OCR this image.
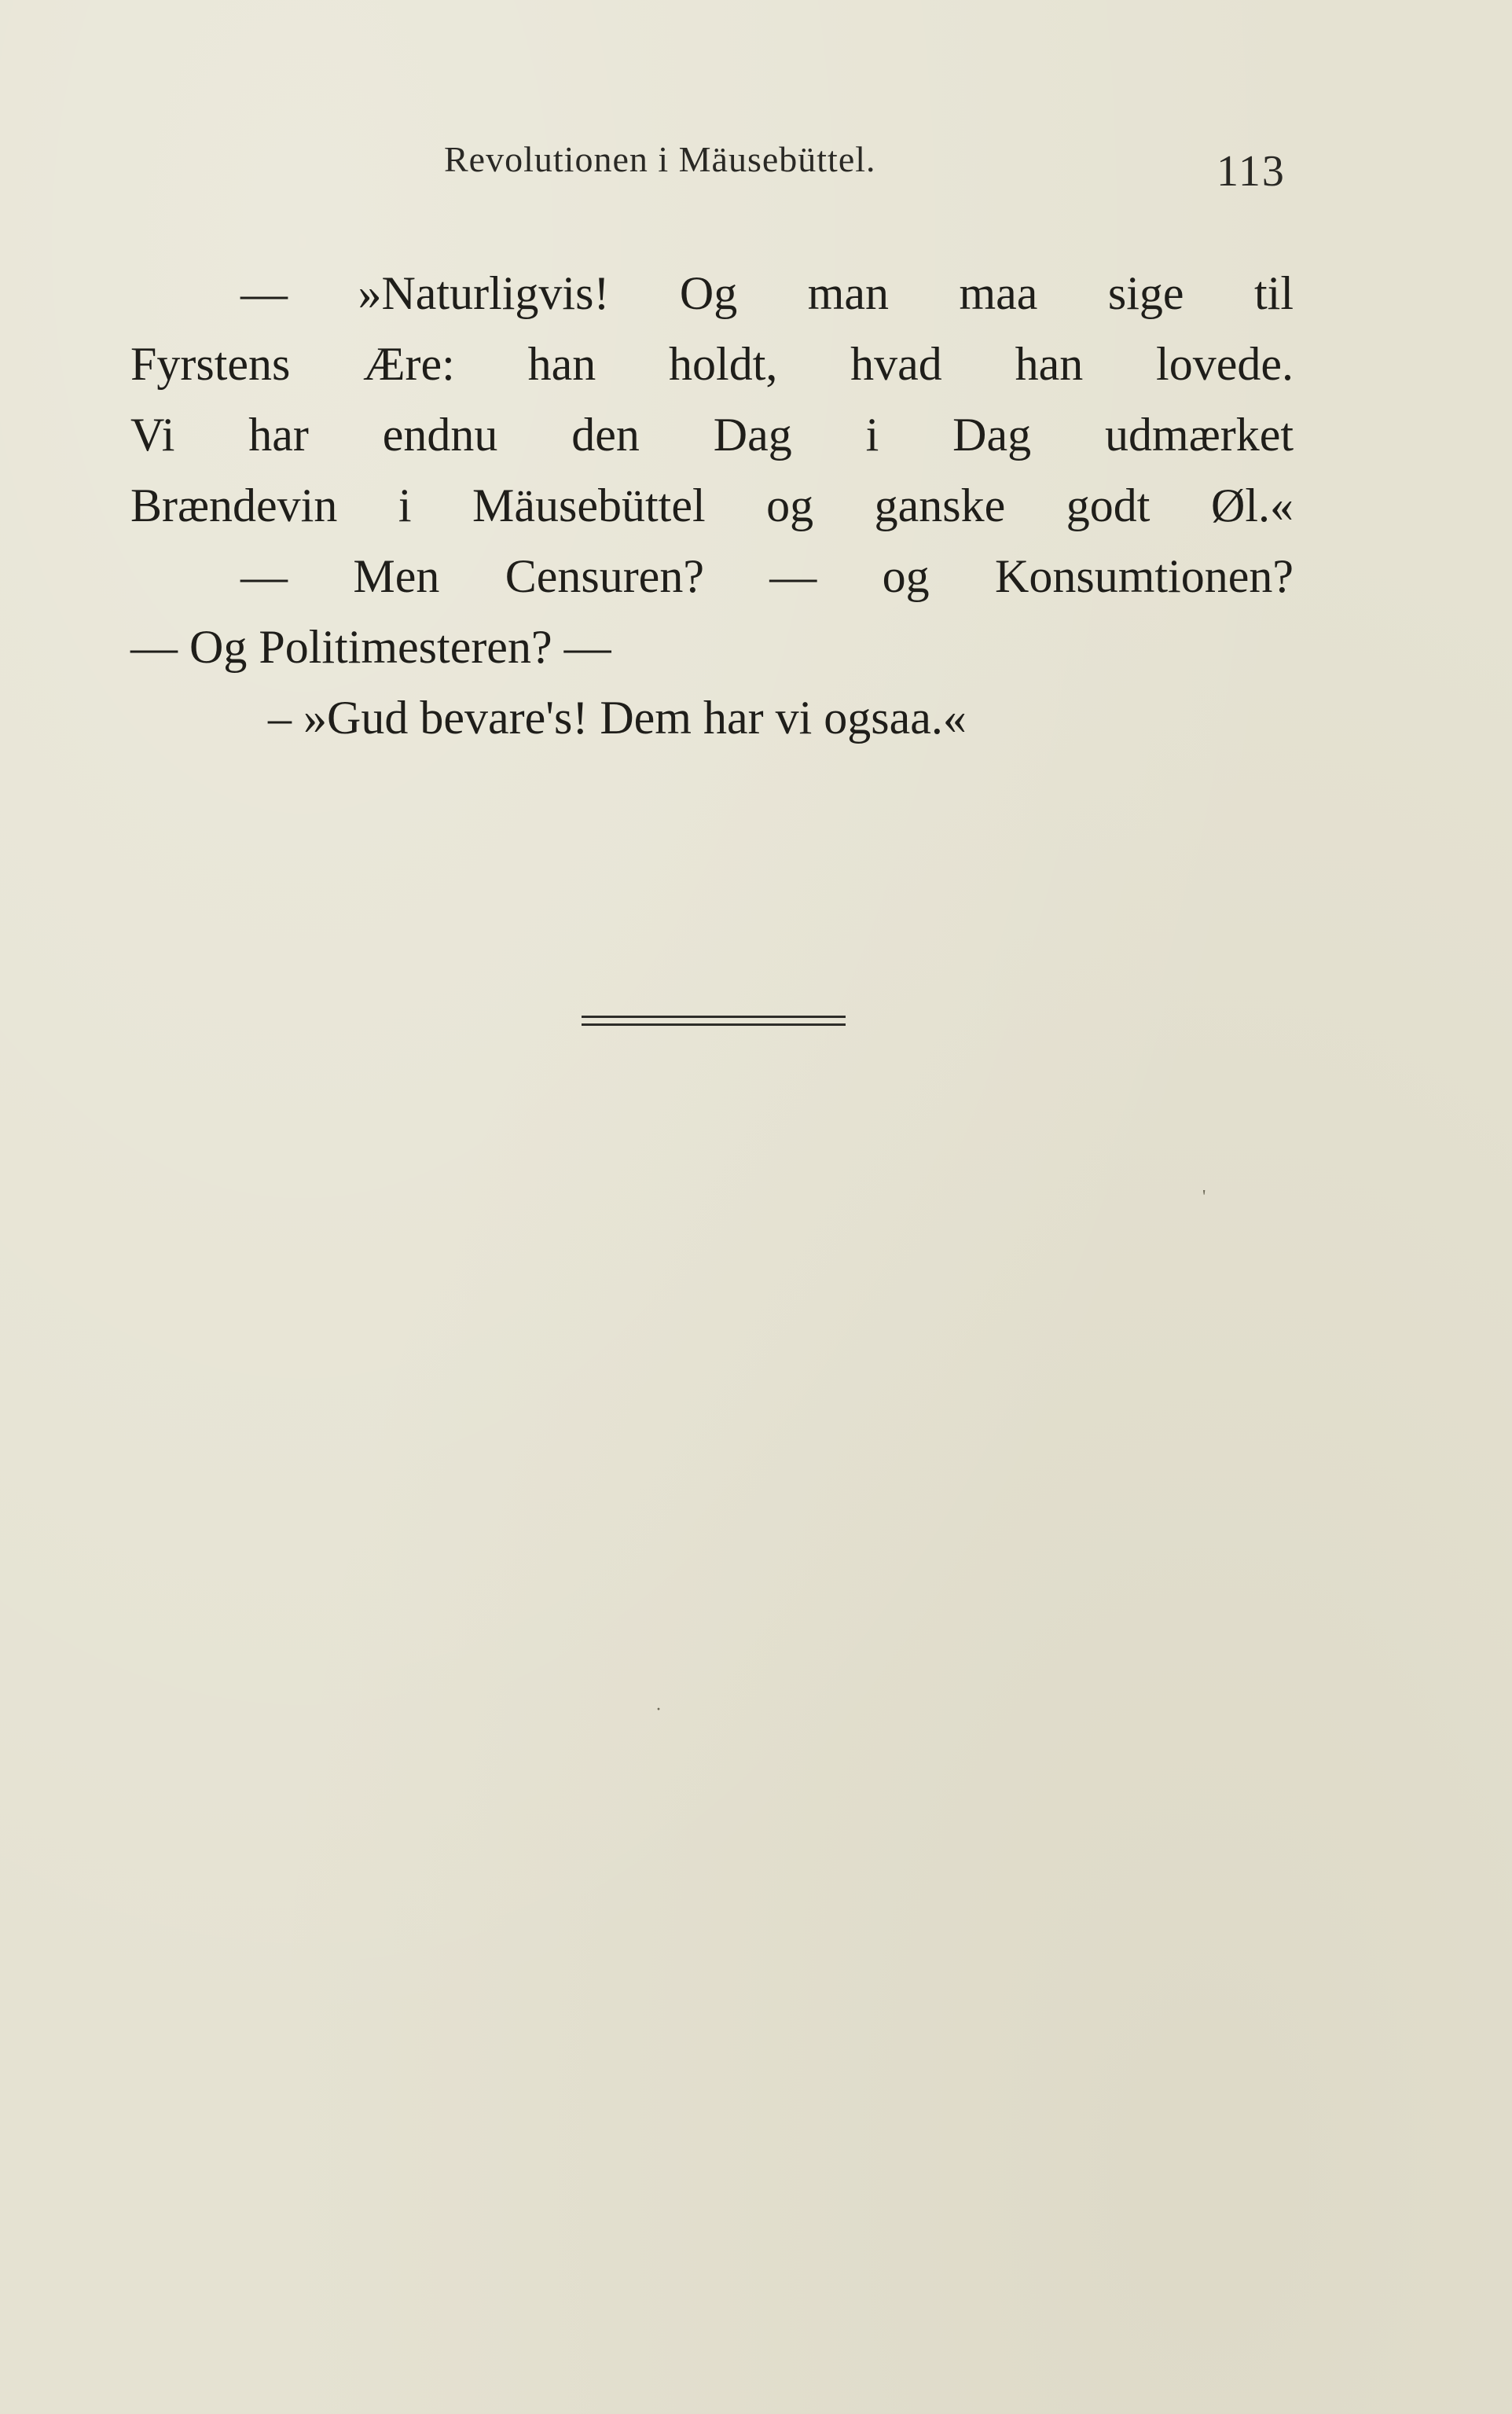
Revolutionen i Mäusebüttel.	113
— »Naturligvis! Og man maa sige til
Fyrstens Ære: han holdt, hvad han lovede.
Vi har endnu den Dag i Dag udmærket
Brændevin i Mäusebüttel og ganske godt Øl.«
— Men Censuren? — og Konsumtionen?
— Og Politimesteren? —
– »Gud bevare's! Dem har vi ogsaa.«
'
·
